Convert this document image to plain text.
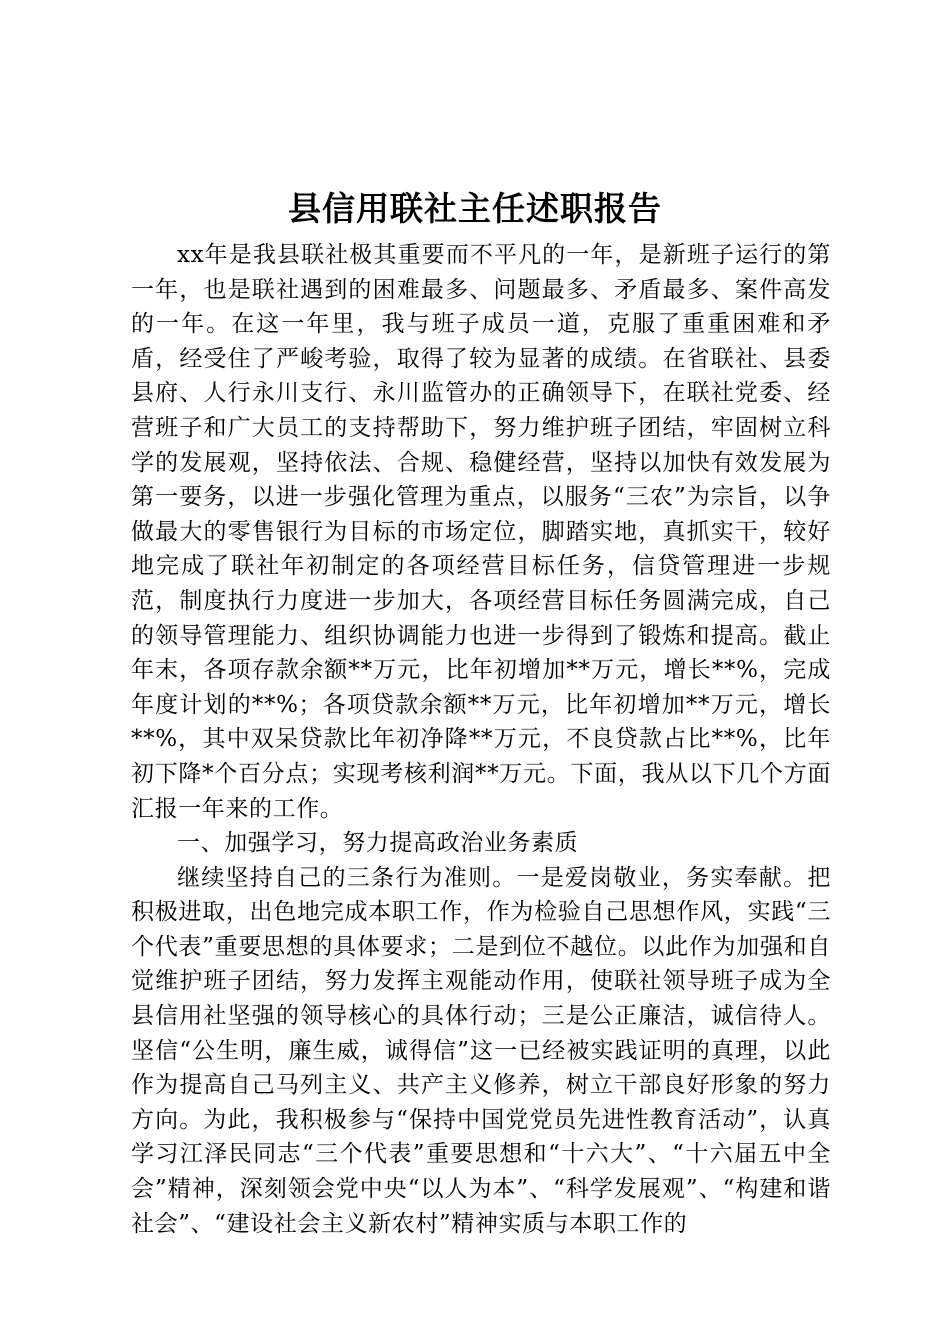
县信用联社主任述职报告

xx年是我县联社极其重要而不平凡的一年，是新班子运行的第一年，也是联社遇到的困难最多、问题最多、矛盾最多、案件高发的一年。在这一年里，我与班子成员一道，克服了重重困难和矛盾，经受住了严峻考验，取得了较为显著的成绩。在省联社、县委县府、人行永川支行、永川监管办的正确领导下，在联社党委、经营班子和广大员工的支持帮助下，努力维护班子团结，牢固树立科学的发展观，坚持依法、合规、稳健经营，坚持以加快有效发展为第一要务，以进一步强化管理为重点，以服务“三农”为宗旨，以争做最大的零售银行为目标的市场定位，脚踏实地，真抓实干，较好地完成了联社年初制定的各项经营目标任务，信贷管理进一步规范，制度执行力度进一步加大，各项经营目标任务圆满完成，自己的领导管理能力、组织协调能力也进一步得到了锻炼和提高。截止年末，各项存款余额**万元，比年初增加**万元，增长**%，完成年度计划的**%；各项贷款余额**万元，比年初增加**万元，增长**%，其中双呆贷款比年初净降**万元，不良贷款占比**%，比年初下降*个百分点；实现考核利润**万元。下面，我从以下几个方面汇报一年来的工作。

一、加强学习，努力提高政治业务素质

继续坚持自己的三条行为准则。一是爱岗敬业，务实奉献。把积极进取，出色地完成本职工作，作为检验自己思想作风，实践“三个代表”重要思想的具体要求；二是到位不越位。以此作为加强和自觉维护班子团结，努力发挥主观能动作用，使联社领导班子成为全县信用社坚强的领导核心的具体行动；三是公正廉洁，诚信待人。坚信“公生明，廉生威，诚得信”这一已经被实践证明的真理，以此作为提高自己马列主义、共产主义修养，树立干部良好形象的努力方向。为此，我积极参与“保持中国党党员先进性教育活动”，认真学习江泽民同志“三个代表”重要思想和“十六大”、“十六届五中全会”精神，深刻领会党中央“以人为本”、“科学发展观”、“构建和谐社会”、“建设社会主义新农村”精神实质与本职工作的
